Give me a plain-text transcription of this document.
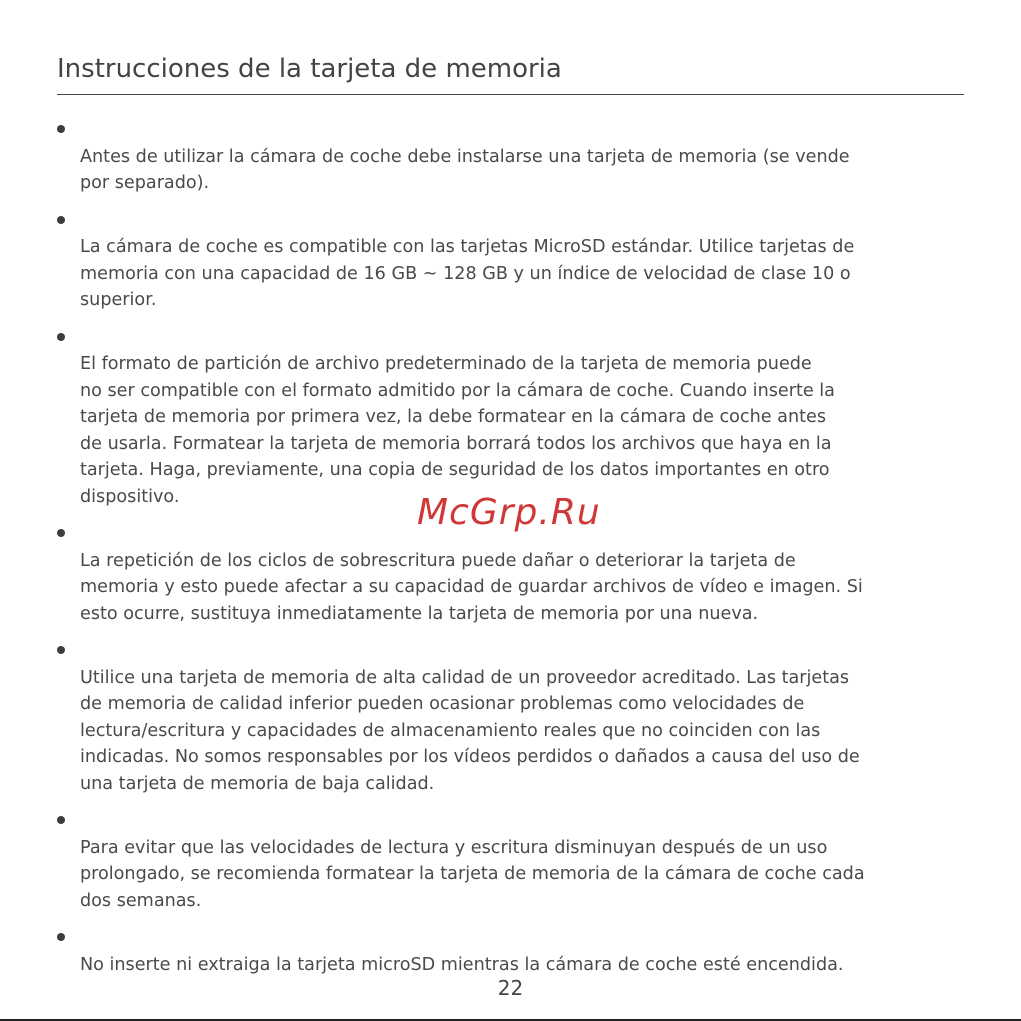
Instrucciones de la tarjeta de memoria

Antes de utilizar la cámara de coche debe instalarse una tarjeta de memoria (se vende
por separado).

La cámara de coche es compatible con las tarjetas MicroSD estándar. Utilice tarjetas de
memoria con una capacidad de 16 GB ~ 128 GB y un índice de velocidad de clase 10 o
superior.

El formato de partición de archivo predeterminado de la tarjeta de memoria puede
no ser compatible con el formato admitido por la cámara de coche. Cuando inserte la
tarjeta de memoria por primera vez, la debe formatear en la cámara de coche antes
de usarla. Formatear la tarjeta de memoria borrará todos los archivos que haya en la
tarjeta. Haga, previamente, una copia de seguridad de los datos importantes en otro
dispositivo.

La repetición de los ciclos de sobrescritura puede dañar o deteriorar la tarjeta de
memoria y esto puede afectar a su capacidad de guardar archivos de vídeo e imagen. Si
esto ocurre, sustituya inmediatamente la tarjeta de memoria por una nueva.

Utilice una tarjeta de memoria de alta calidad de un proveedor acreditado. Las tarjetas
de memoria de calidad inferior pueden ocasionar problemas como velocidades de
lectura/escritura y capacidades de almacenamiento reales que no coinciden con las
indicadas. No somos responsables por los vídeos perdidos o dañados a causa del uso de
una tarjeta de memoria de baja calidad.

Para evitar que las velocidades de lectura y escritura disminuyan después de un uso
prolongado, se recomienda formatear la tarjeta de memoria de la cámara de coche cada
dos semanas.

No inserte ni extraiga la tarjeta microSD mientras la cámara de coche esté encendida.

McGrp.Ru
22
